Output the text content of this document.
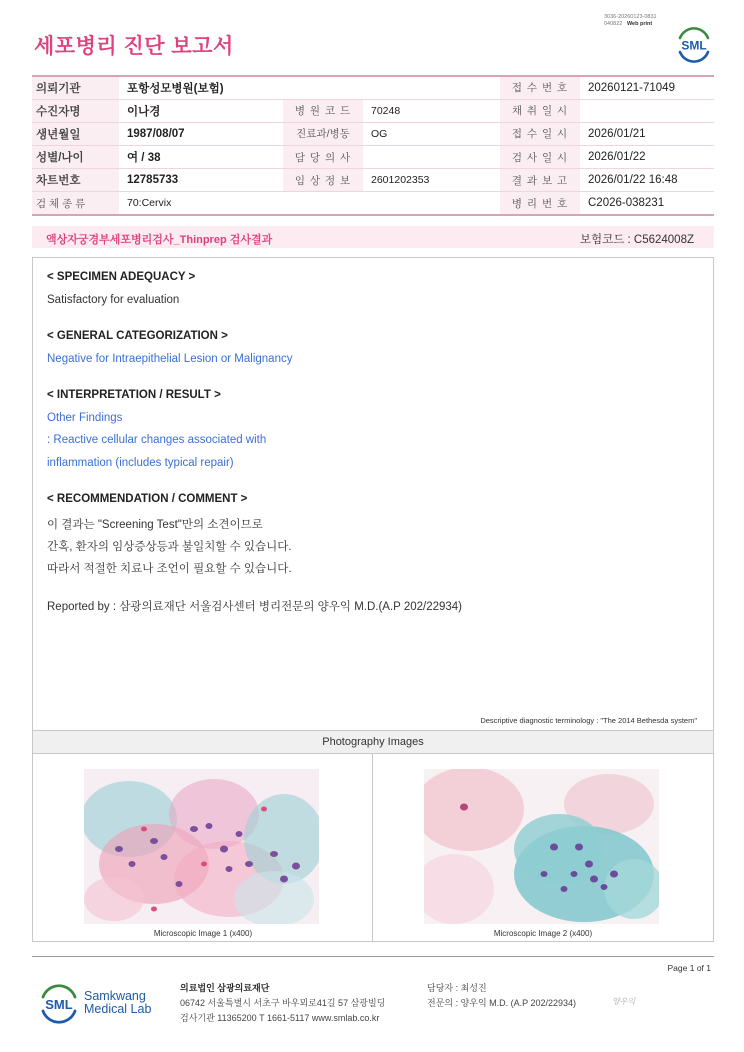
3036-20260123-0831
040822 Web print
세포병리 진단 보고서	SML
의뢰기관	포항성모병원(보험)			접 수 번 호	20260121-71049
수진자명	이나경	병 원 코 드	70248	채 취 일 시	
생년월일	1987/08/07	진료과/병동	OG	접 수 일 시	2026/01/21
성별/나이	여 / 38	담 당 의 사		검 사 일 시	2026/01/22
차트번호	12785733	임 상 정 보	2601202353	결 과 보 고	2026/01/22 16:48
검 체 종 류	70:Cervix			병 리 번 호	C2026-038231
액상자궁경부세포병리검사_Thinprep 검사결과	보험코드 : C5624008Z
< SPECIMEN ADEQUACY >
Satisfactory for evaluation
< GENERAL CATEGORIZATION >
Negative for Intraepithelial Lesion or Malignancy
< INTERPRETATION / RESULT >
Other Findings
: Reactive cellular changes associated with
inflammation (includes typical repair)
< RECOMMENDATION / COMMENT >
이 결과는 "Screening Test"만의 소견이므로
간혹, 환자의 임상증상등과 불일치할 수 있습니다.
따라서 적절한 치료나 조언이 필요할 수 있습니다.
Reported by : 삼광의료재단 서울검사센터 병리전문의 양우익 M.D.(A.P 202/22934)
Descriptive diagnostic terminology : "The 2014 Bethesda system"
Photography Images
Microscopic Image 1 (x400)	Microscopic Image 2 (x400)
Page 1 of 1
SML
Samkwang
Medical Lab
의료법인 삼광의료재단
06742 서울특별시 서초구 바우뫼로41길 57 삼광빌딩
검사기관 11365200 T 1661-5117 www.smlab.co.kr
담당자 : 최성진
전문의 : 양우익 M.D. (A.P 202/22934)	양우익
